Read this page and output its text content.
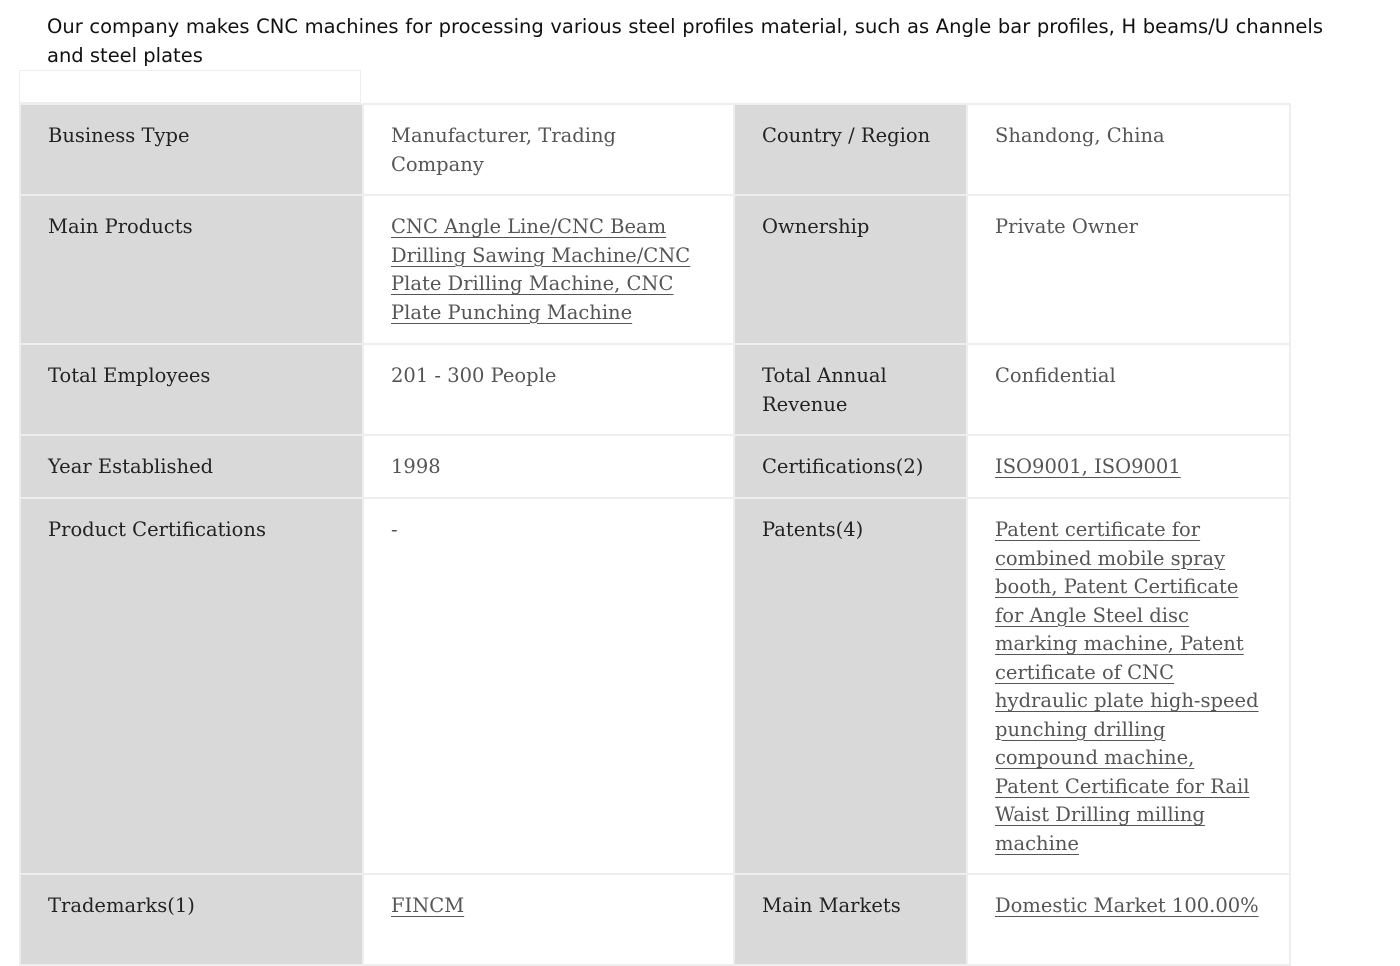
Our company makes CNC machines for processing various steel profiles material, such as Angle bar profiles, H beams/U channels and steel plates
Business Type	Manufacturer, Trading Company	Country / Region	Shandong, China
Main Products	CNC Angle Line/CNC Beam Drilling Sawing Machine/CNC Plate Drilling Machine, CNC Plate Punching Machine	Ownership	Private Owner
Total Employees	201 - 300 People	Total Annual Revenue	Confidential
Year Established	1998	Certifications(2)	ISO9001, ISO9001
Product Certifications	-	Patents(4)	Patent certificate for combined mobile spray booth, Patent Certificate for Angle Steel disc marking machine, Patent certificate of CNC hydraulic plate high-speed punching drilling compound machine, Patent Certificate for Rail Waist Drilling milling machine
Trademarks(1)	FINCM	Main Markets	Domestic Market 100.00%
